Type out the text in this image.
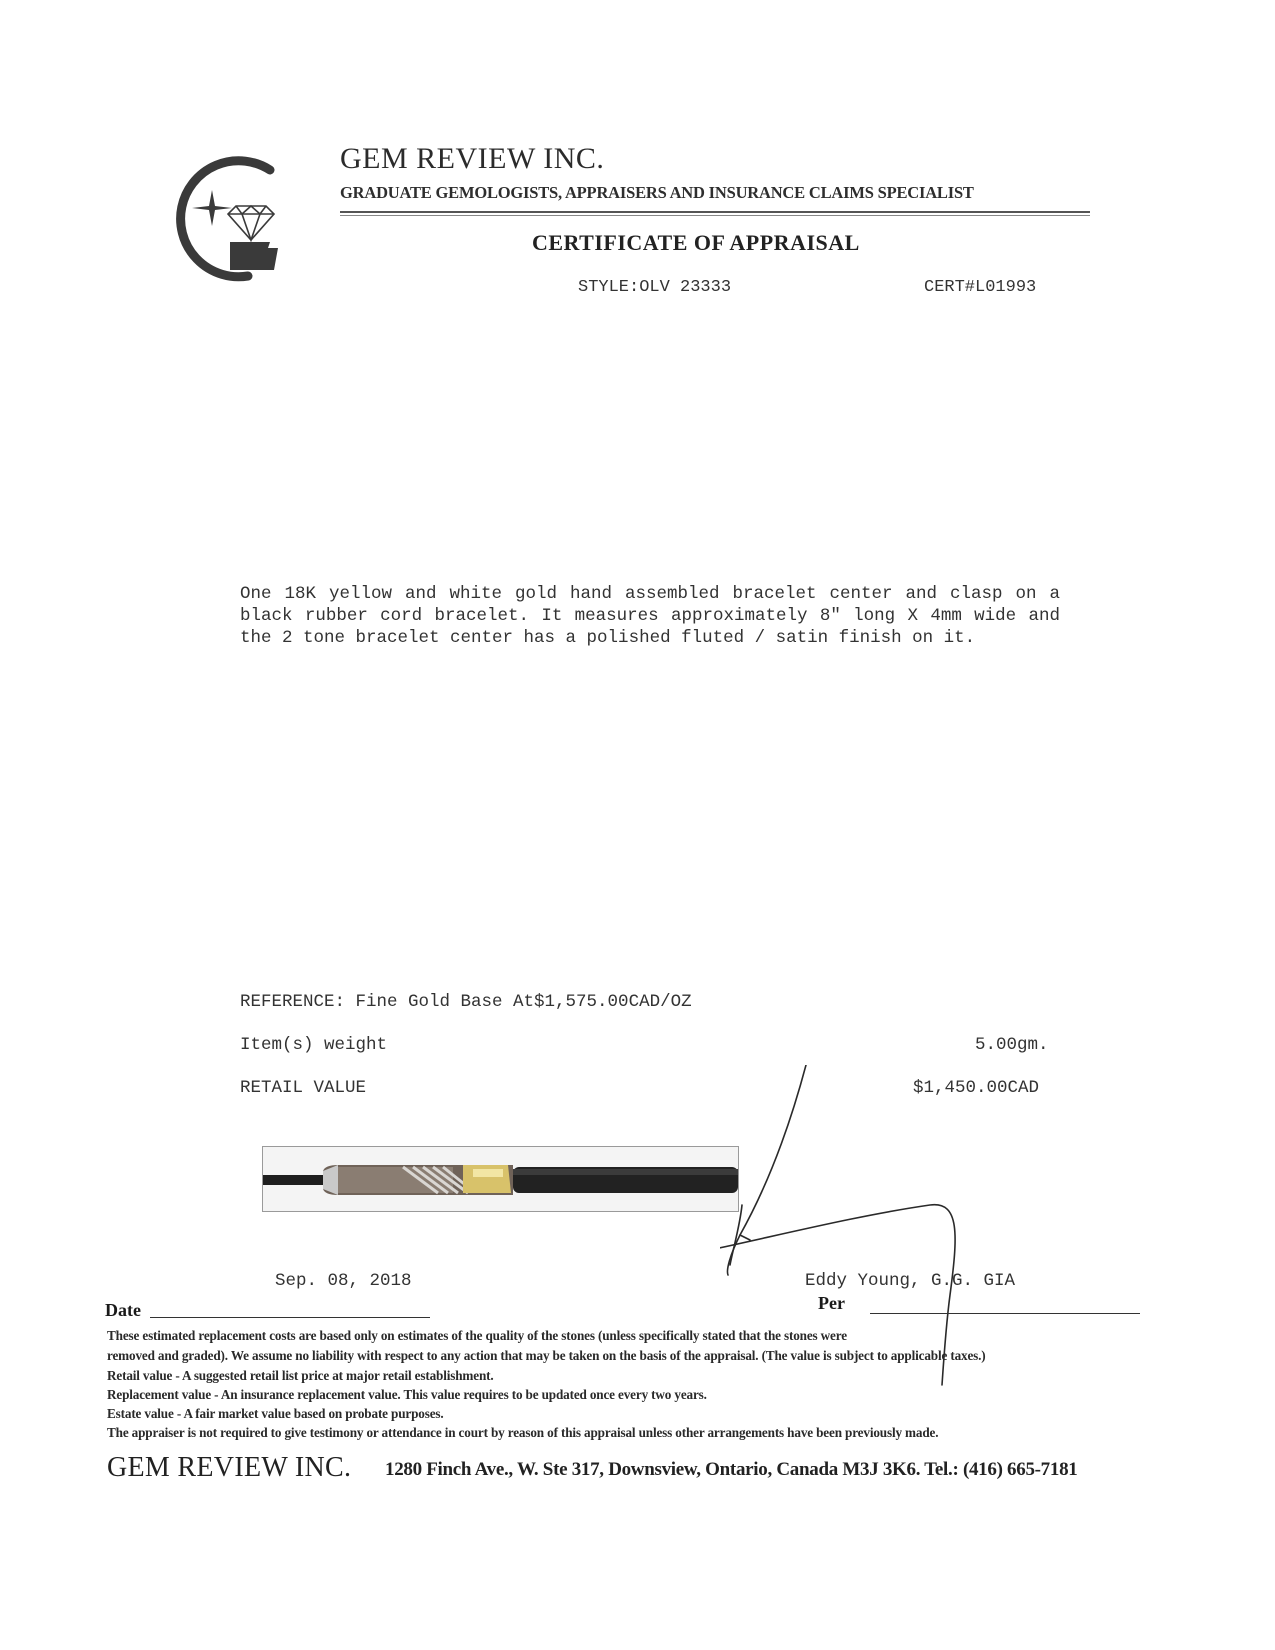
GEM REVIEW INC.
GRADUATE GEMOLOGISTS, APPRAISERS AND INSURANCE CLAIMS SPECIALIST
CERTIFICATE OF APPRAISAL
STYLE:OLV 23333	CERT#L01993
One 18K yellow and white gold hand assembled bracelet center and clasp on a black rubber cord bracelet. It measures approximately 8" long X 4mm wide and the 2 tone bracelet center has a polished fluted / satin finish on it.
REFERENCE: Fine Gold Base At$1,575.00CAD/OZ
Item(s) weight	5.00gm.
RETAIL VALUE	$1,450.00CAD
Sep. 08, 2018
Date
Eddy Young, G.G. GIA
Per
These estimated replacement costs are based only on estimates of the quality of the stones (unless specifically stated that the stones were
removed and graded). We assume no liability with respect to any action that may be taken on the basis of the appraisal. (The value is subject to applicable taxes.)
Retail value - A suggested retail list price at major retail establishment.
Replacement value - An insurance replacement value. This value requires to be updated once every two years.
Estate value - A fair market value based on probate purposes.
The appraiser is not required to give testimony or attendance in court by reason of this appraisal unless other arrangements have been previously made.
GEM REVIEW INC. 1280 Finch Ave., W. Ste 317, Downsview, Ontario, Canada M3J 3K6. Tel.: (416) 665-7181
